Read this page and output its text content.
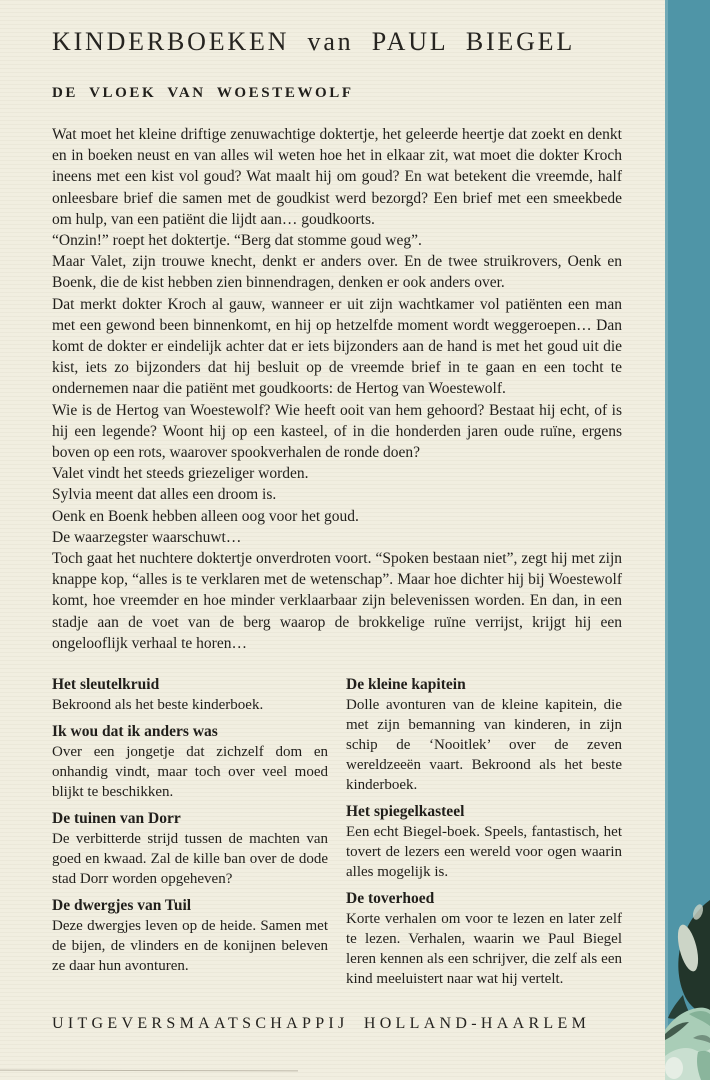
KINDERBOEKEN van PAUL BIEGEL
DE VLOEK VAN WOESTEWOLF

Wat moet het kleine driftige zenuwachtige doktertje, het geleerde heertje dat zoekt en denkt en in boeken neust en van alles wil weten hoe het in elkaar zit, wat moet die dokter Kroch ineens met een kist vol goud? Wat maalt hij om goud? En wat betekent die vreemde, half onleesbare brief die samen met de goudkist werd bezorgd? Een brief met een smeekbede om hulp, van een patiënt die lijdt aan… goudkoorts.

“Onzin!” roept het doktertje. “Berg dat stomme goud weg”.

Maar Valet, zijn trouwe knecht, denkt er anders over. En de twee struikrovers, Oenk en Boenk, die de kist hebben zien binnendragen, denken er ook anders over.

Dat merkt dokter Kroch al gauw, wanneer er uit zijn wachtkamer vol patiënten een man met een gewond been binnenkomt, en hij op hetzelfde moment wordt weggeroepen… Dan komt de dokter er eindelijk achter dat er iets bijzonders aan de hand is met het goud uit die kist, iets zo bijzonders dat hij besluit op de vreemde brief in te gaan en een tocht te ondernemen naar die patiënt met goudkoorts: de Hertog van Woestewolf.

Wie is de Hertog van Woestewolf? Wie heeft ooit van hem gehoord? Bestaat hij echt, of is hij een legende? Woont hij op een kasteel, of in die honderden jaren oude ruïne, ergens boven op een rots, waarover spookverhalen de ronde doen?

Valet vindt het steeds griezeliger worden.

Sylvia meent dat alles een droom is.

Oenk en Boenk hebben alleen oog voor het goud.

De waarzegster waarschuwt…

Toch gaat het nuchtere doktertje onverdroten voort. “Spoken bestaan niet”, zegt hij met zijn knappe kop, “alles is te verklaren met de wetenschap”. Maar hoe dichter hij bij Woestewolf komt, hoe vreemder en hoe minder verklaarbaar zijn belevenissen worden. En dan, in een stadje aan de voet van de berg waarop de brokkelige ruïne verrijst, krijgt hij een ongelooflijk verhaal te horen…

Het sleutelkruid

Bekroond als het beste kinderboek.

Ik wou dat ik anders was

Over een jongetje dat zichzelf dom en onhandig vindt, maar toch over veel moed blijkt te beschikken.

De tuinen van Dorr

De verbitterde strijd tussen de machten van goed en kwaad. Zal de kille ban over de dode stad Dorr worden opgeheven?

De dwergjes van Tuil

Deze dwergjes leven op de heide. Samen met de bijen, de vlinders en de konijnen beleven ze daar hun avonturen.

De kleine kapitein

Dolle avonturen van de kleine kapitein, die met zijn bemanning van kinderen, in zijn schip de ‘Nooitlek’ over de zeven wereldzeeën vaart. Bekroond als het beste kinderboek.

Het spiegelkasteel

Een echt Biegel-boek. Speels, fantastisch, het tovert de lezers een wereld voor ogen waarin alles mogelijk is.

De toverhoed

Korte verhalen om voor te lezen en later zelf te lezen. Verhalen, waarin we Paul Biegel leren kennen als een schrijver, die zelf als een kind meeluistert naar wat hij vertelt.

UITGEVERSMAATSCHAPPIJ HOLLAND-HAARLEM
